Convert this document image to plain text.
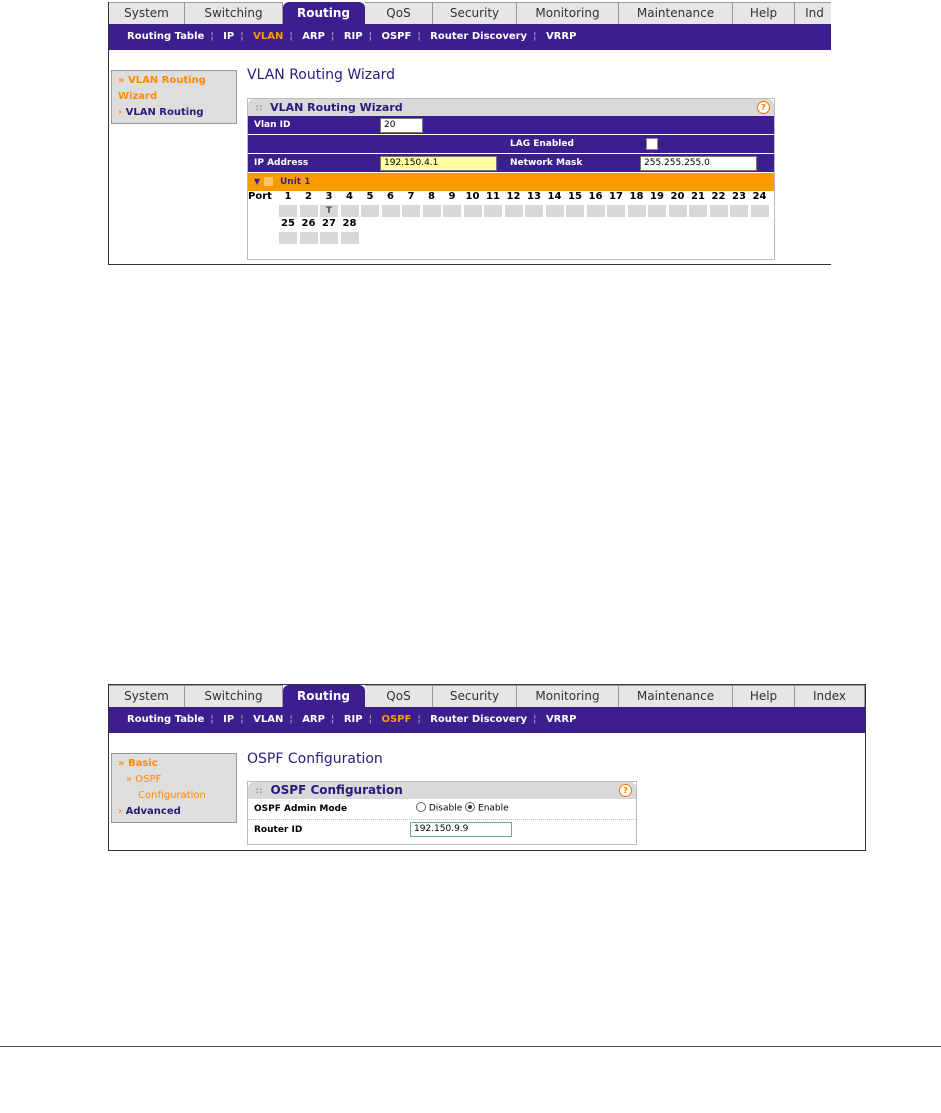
System	Switching	Routing	QoS	Security	Monitoring	Maintenance	Help	Ind
Routing Table ¦ IP ¦ VLAN ¦ ARP ¦ RIP ¦ OSPF ¦ Router Discovery ¦ VRRP
» VLAN Routing Wizard
› VLAN Routing
VLAN Routing Wizard
∷ VLAN Routing Wizard	?
Vlan ID	20
LAG Enabled
IP Address	192.150.4.1	Network Mask	255.255.255.0
▼ Unit 1
Port	1	2	3	4	5	6	7	8	9	10 11 12 13 14 15 16 17 18 19 20 21 22 23 24
T
25 26 27 28
System	Switching	Routing	QoS	Security	Monitoring	Maintenance	Help	Index
Routing Table ¦ IP ¦ VLAN ¦ ARP ¦ RIP ¦ OSPF ¦ Router Discovery ¦ VRRP
» Basic
» OSPF
Configuration
› Advanced
OSPF Configuration
∷ OSPF Configuration	?
OSPF Admin Mode	Disable Enable
Router ID	192.150.9.9
